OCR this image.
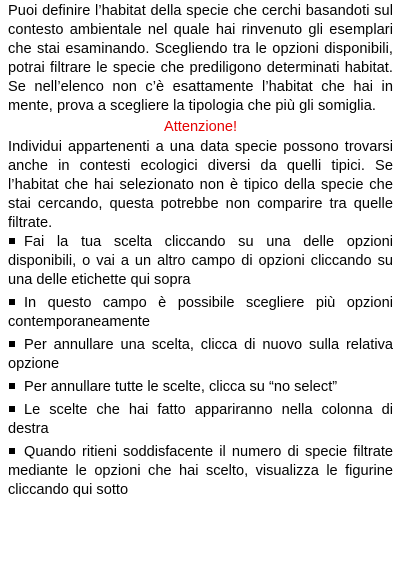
Puoi definire l’habitat della specie che cerchi basandoti sul contesto ambientale nel quale hai rinvenuto gli esemplari che stai esaminando. Scegliendo tra le opzioni disponibili, potrai filtrare le specie che prediligono determinati habitat. Se nell’elenco non c’è esattamente l’habitat che hai in mente, prova a scegliere la tipologia che più gli somiglia.

Attenzione!

Individui appartenenti a una data specie possono trovarsi anche in contesti ecologici diversi da quelli tipici. Se l’habitat che hai selezionato non è tipico della specie che stai cercando, questa potrebbe non comparire tra quelle filtrate.

Fai la tua scelta cliccando su una delle opzioni disponibili, o vai a un altro campo di opzioni cliccando su una delle etichette qui sopra
In questo campo è possibile scegliere più opzioni contemporaneamente
Per annullare una scelta, clicca di nuovo sulla relativa opzione
Per annullare tutte le scelte, clicca su “no select”
Le scelte che hai fatto appariranno nella colonna di destra
Quando ritieni soddisfacente il numero di specie filtrate mediante le opzioni che hai scelto, visualizza le figurine cliccando qui sotto
